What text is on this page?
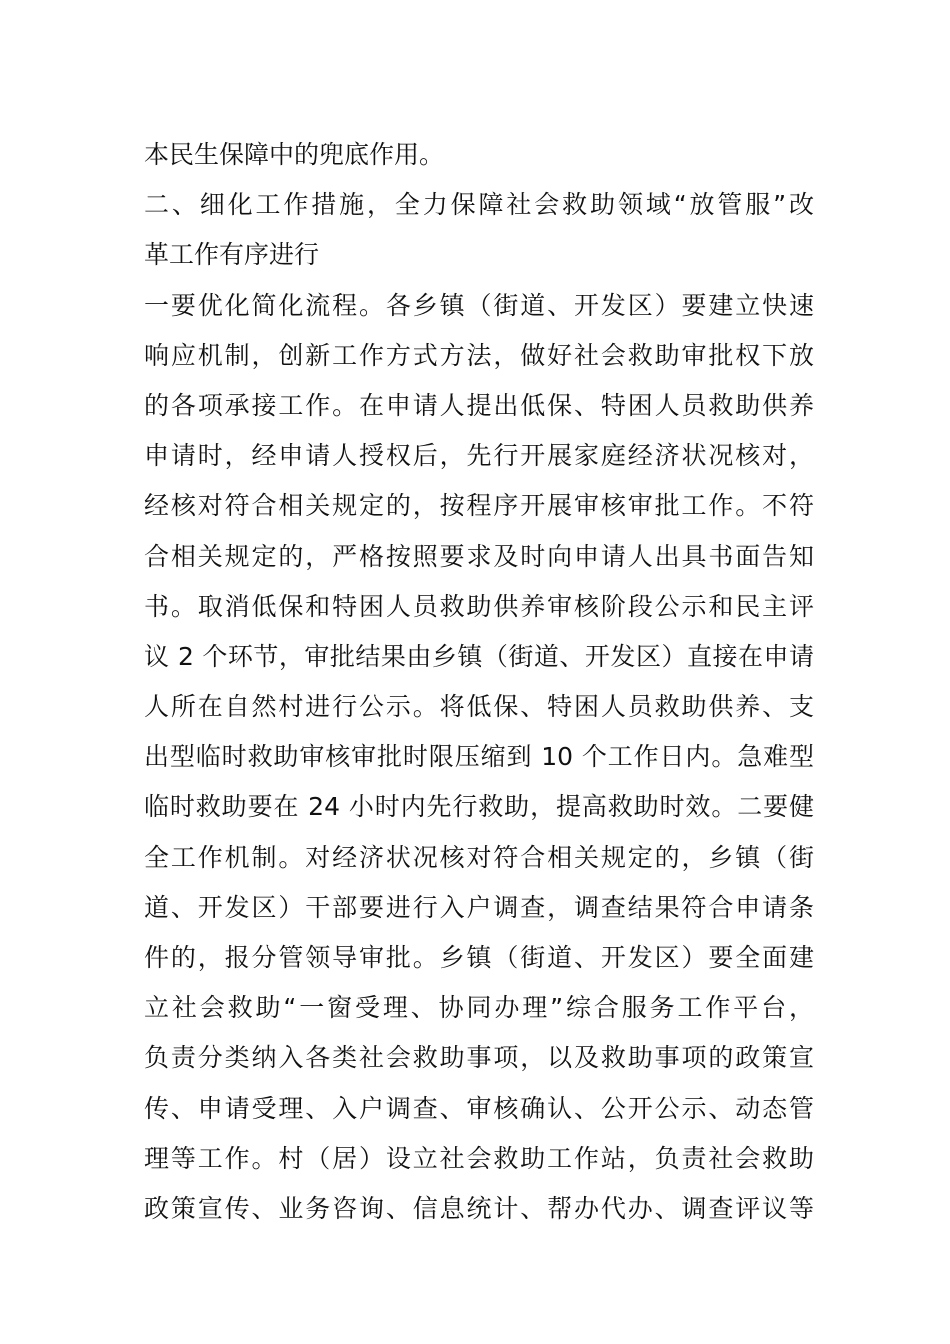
本民生保障中的兜底作用。
二、细化工作措施，全力保障社会救助领域“放管服”改
革工作有序进行
一要优化简化流程。各乡镇（街道、开发区）要建立快速
响应机制，创新工作方式方法，做好社会救助审批权下放
的各项承接工作。在申请人提出低保、特困人员救助供养
申请时，经申请人授权后，先行开展家庭经济状况核对，
经核对符合相关规定的，按程序开展审核审批工作。不符
合相关规定的，严格按照要求及时向申请人出具书面告知
书。取消低保和特困人员救助供养审核阶段公示和民主评
议 2 个环节，审批结果由乡镇（街道、开发区）直接在申请
人所在自然村进行公示。将低保、特困人员救助供养、支
出型临时救助审核审批时限压缩到 10 个工作日内。急难型
临时救助要在 24 小时内先行救助，提高救助时效。二要健
全工作机制。对经济状况核对符合相关规定的，乡镇（街
道、开发区）干部要进行入户调查，调查结果符合申请条
件的，报分管领导审批。乡镇（街道、开发区）要全面建
立社会救助“一窗受理、协同办理”综合服务工作平台，
负责分类纳入各类社会救助事项，以及救助事项的政策宣
传、申请受理、入户调查、审核确认、公开公示、动态管
理等工作。村（居）设立社会救助工作站，负责社会救助
政策宣传、业务咨询、信息统计、帮办代办、调查评议等
